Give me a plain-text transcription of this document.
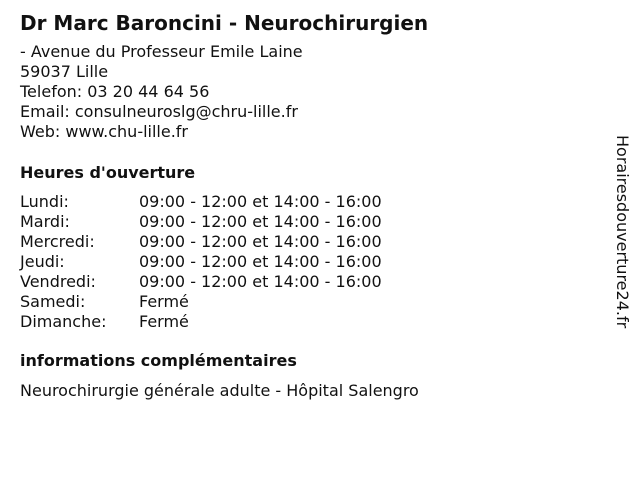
Dr Marc Baroncini - Neurochirurgien
- Avenue du Professeur Emile Laine
59037 Lille
Telefon: 03 20 44 64 56
Email: consulneuroslg@chru-lille.fr
Web: www.chu-lille.fr
Heures d'ouverture
Lundi:	09:00 - 12:00 et 14:00 - 16:00
Mardi:	09:00 - 12:00 et 14:00 - 16:00
Mercredi:	09:00 - 12:00 et 14:00 - 16:00
Jeudi:	09:00 - 12:00 et 14:00 - 16:00
Vendredi:	09:00 - 12:00 et 14:00 - 16:00
Samedi:	Fermé
Dimanche:	Fermé
informations complémentaires
Neurochirurgie générale adulte - Hôpital Salengro
Horairesdouverture24.fr
